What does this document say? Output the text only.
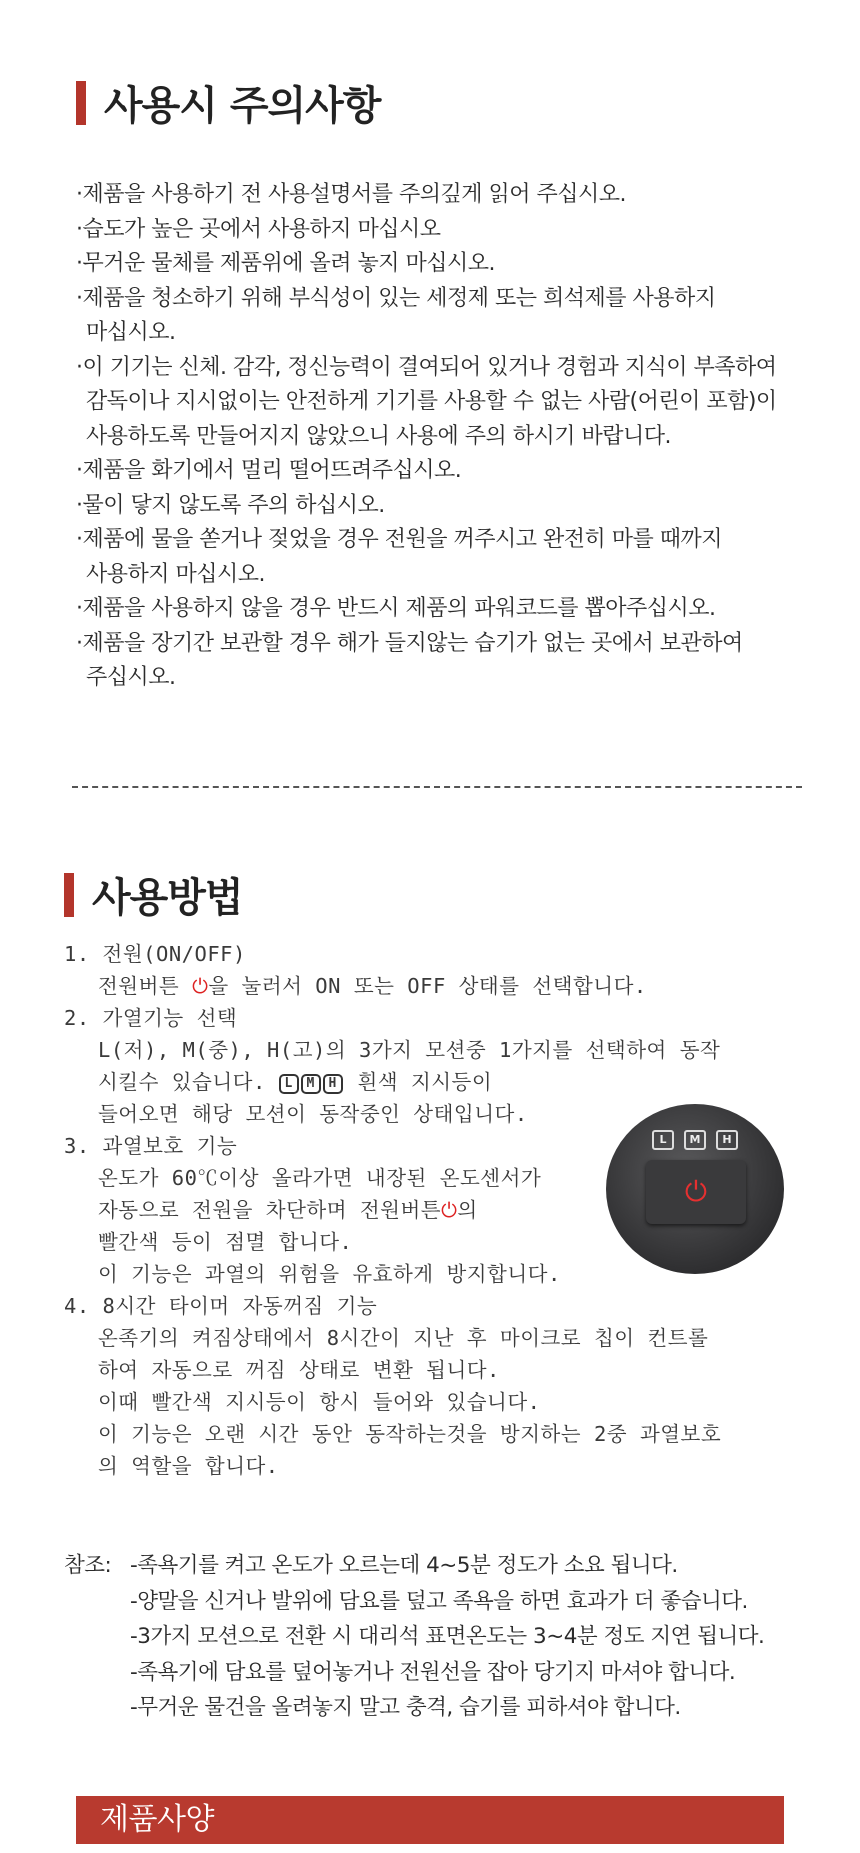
사용시 주의사항
· 제품을 사용하기 전 사용설명서를 주의깊게 읽어 주십시오.
· 습도가 높은 곳에서 사용하지 마십시오
· 무거운 물체를 제품위에 올려 놓지 마십시오.
· 제품을 청소하기 위해 부식성이 있는 세정제 또는 희석제를 사용하지
마십시오.
· 이 기기는 신체. 감각, 정신능력이 결여되어 있거나 경험과 지식이 부족하여
감독이나 지시없이는 안전하게 기기를 사용할 수 없는 사람(어린이 포함)이
사용하도록 만들어지지 않았으니 사용에 주의 하시기 바랍니다.
· 제품을 화기에서 멀리 떨어뜨려주십시오.
· 물이 닿지 않도록 주의 하십시오.
· 제품에 물을 쏟거나 젖었을 경우 전원을 꺼주시고 완전히 마를 때까지
사용하지 마십시오.
· 제품을 사용하지 않을 경우 반드시 제품의 파워코드를 뽑아주십시오.
· 제품을 장기간 보관할 경우 해가 들지않는 습기가 없는 곳에서 보관하여
주십시오.
사용방법
1. 전원(ON/OFF)
전원버튼 ⏻을 눌러서 ON 또는 OFF 상태를 선택합니다.
2. 가열기능 선택
L(저), M(중), H(고)의 3가지 모션중 1가지를 선택하여 동작
시킬수 있습니다. L M H 흰색 지시등이
들어오면 해당 모션이 동작중인 상태입니다.
3. 과열보호 기능
온도가 60℃이상 올라가면 내장된 온도센서가
자동으로 전원을 차단하며 전원버튼⏻의
빨간색 등이 점멸 합니다.
이 기능은 과열의 위험을 유효하게 방지합니다.
4. 8시간 타이머 자동꺼짐 기능
온족기의 켜짐상태에서 8시간이 지난 후 마이크로 칩이 컨트롤
하여 자동으로 꺼짐 상태로 변환 됩니다.
이때 빨간색 지시등이 항시 들어와 있습니다.
이 기능은 오랜 시간 동안 동작하는것을 방지하는 2중 과열보호
의 역할을 합니다.
L	M	H
⏻
참조:
-	족욕기를 켜고 온도가 오르는데 4~5분 정도가 소요 됩니다.
- 양말을 신거나 발위에 담요를 덮고 족욕을 하면 효과가 더 좋습니다.
- 3가지 모션으로 전환 시 대리석 표면온도는 3~4분 정도 지연 됩니다.
- 족욕기에 담요를 덮어놓거나 전원선을 잡아 당기지 마셔야 합니다.
- 무거운 물건을 올려놓지 말고 충격, 습기를 피하셔야 합니다.
제품사양
